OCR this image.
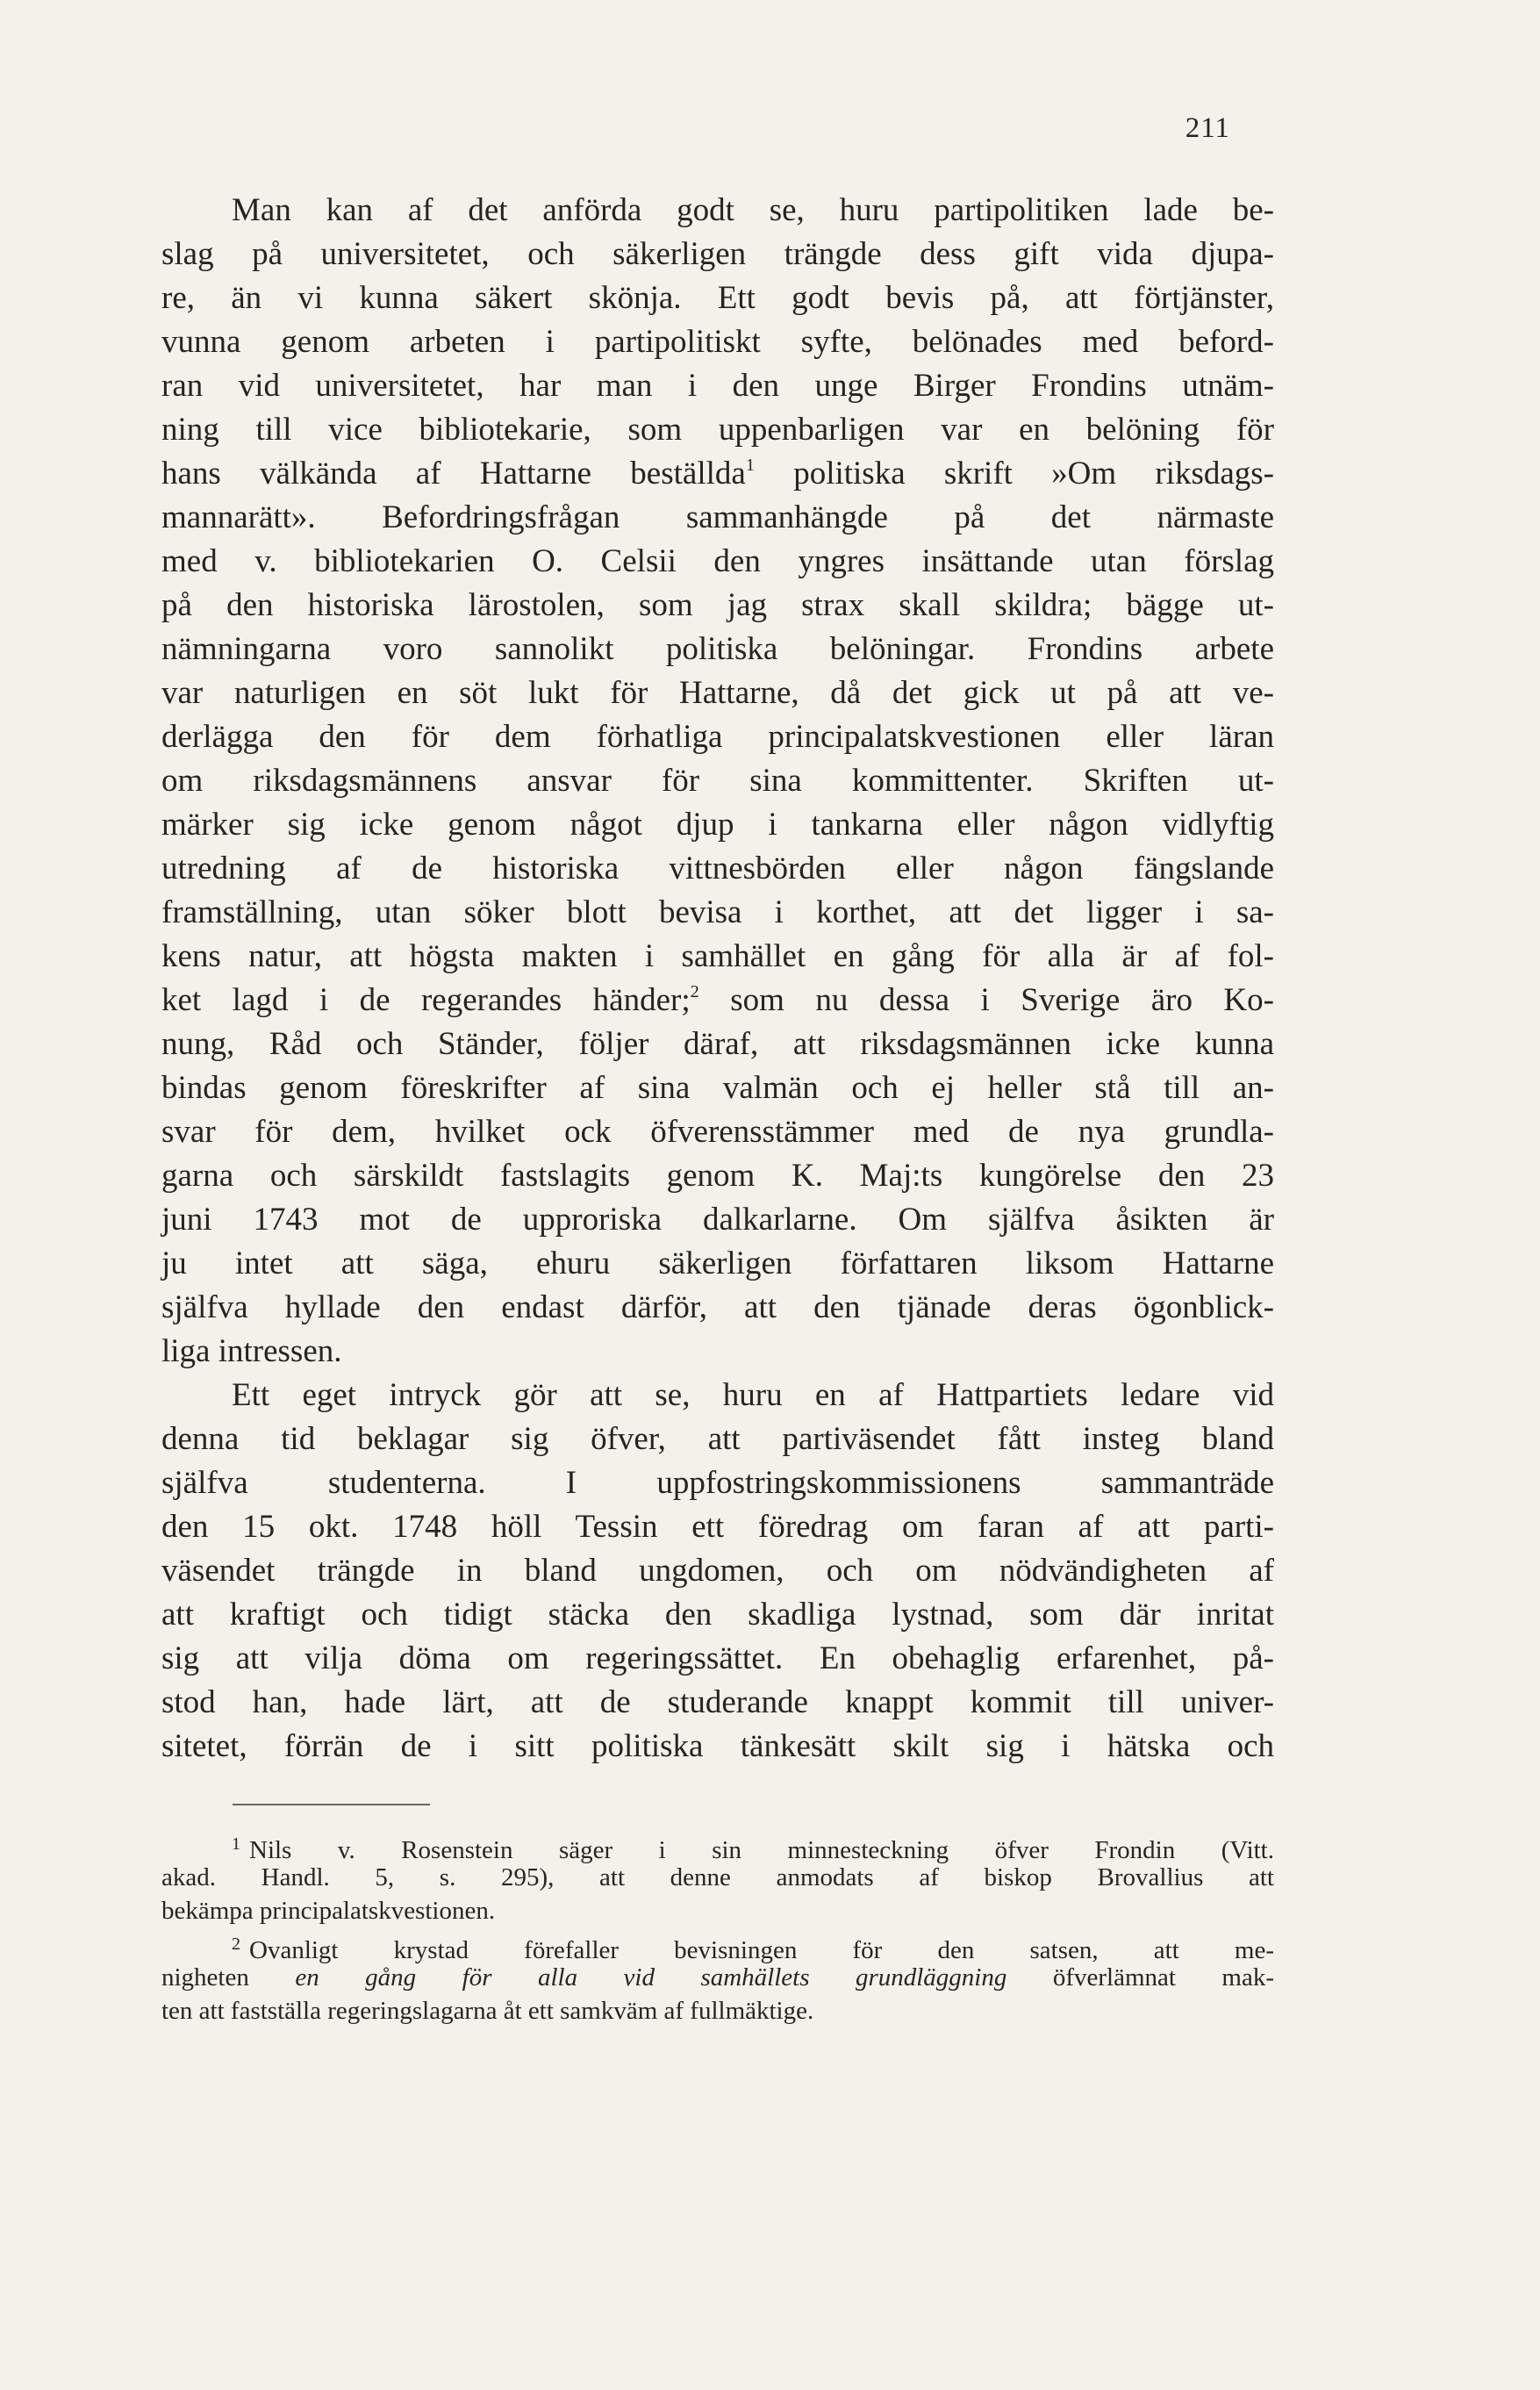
211
Man kan af det anförda godt se, huru partipolitiken lade be-
slag på universitetet, och säkerligen trängde dess gift vida djupa-
re, än vi kunna säkert skönja. Ett godt bevis på, att förtjänster,
vunna genom arbeten i partipolitiskt syfte, belönades med beford-
ran vid universitetet, har man i den unge Birger Frondins utnäm-
ning till vice bibliotekarie, som uppenbarligen var en belöning för
hans välkända af Hattarne beställda$^1$ politiska skrift »Om riksdags-
mannarätt». Befordringsfrågan sammanhängde på det närmaste
med v. bibliotekarien O. Celsii den yngres insättande utan förslag
på den historiska lärostolen, som jag strax skall skildra; bägge ut-
nämningarna voro sannolikt politiska belöningar. Frondins arbete
var naturligen en söt lukt för Hattarne, då det gick ut på att ve-
derlägga den för dem förhatliga principalatskvestionen eller läran
om riksdagsmännens ansvar för sina kommittenter. Skriften ut-
märker sig icke genom något djup i tankarna eller någon vidlyftig
utredning af de historiska vittnesbörden eller någon fängslande
framställning, utan söker blott bevisa i korthet, att det ligger i sa-
kens natur, att högsta makten i samhället en gång för alla är af fol-
ket lagd i de regerandes händer;$^2$ som nu dessa i Sverige äro Ko-
nung, Råd och Ständer, följer däraf, att riksdagsmännen icke kunna
bindas genom föreskrifter af sina valmän och ej heller stå till an-
svar för dem, hvilket ock öfverensstämmer med de nya grundla-
garna och särskildt fastslagits genom K. Maj:ts kungörelse den 23
juni 1743 mot de upproriska dalkarlarne. Om själfva åsikten är
ju intet att säga, ehuru säkerligen författaren liksom Hattarne
själfva hyllade den endast därför, att den tjänade deras ögonblick-
liga intressen.
Ett eget intryck gör att se, huru en af Hattpartiets ledare vid
denna tid beklagar sig öfver, att partiväsendet fått insteg bland
själfva studenterna. I uppfostringskommissionens sammanträde
den 15 okt. 1748 höll Tessin ett föredrag om faran af att parti-
väsendet trängde in bland ungdomen, och om nödvändigheten af
att kraftigt och tidigt stäcka den skadliga lystnad, som där inritat
sig att vilja döma om regeringssättet. En obehaglig erfarenhet, på-
stod han, hade lärt, att de studerande knappt kommit till univer-
sitetet, förrän de i sitt politiska tänkesätt skilt sig i hätska och
$^1$ Nils v. Rosenstein säger i sin minnesteckning öfver Frondin (Vitt.
akad. Handl. 5, s. 295), att denne anmodats af biskop Brovallius att
bekämpa principalatskvestionen.
$^2$ Ovanligt krystad förefaller bevisningen för den satsen, att me-
nigheten en gång för alla vid samhällets grundläggning öfverlämnat mak-
ten att fastställa regeringslagarna åt ett samkväm af fullmäktige.
